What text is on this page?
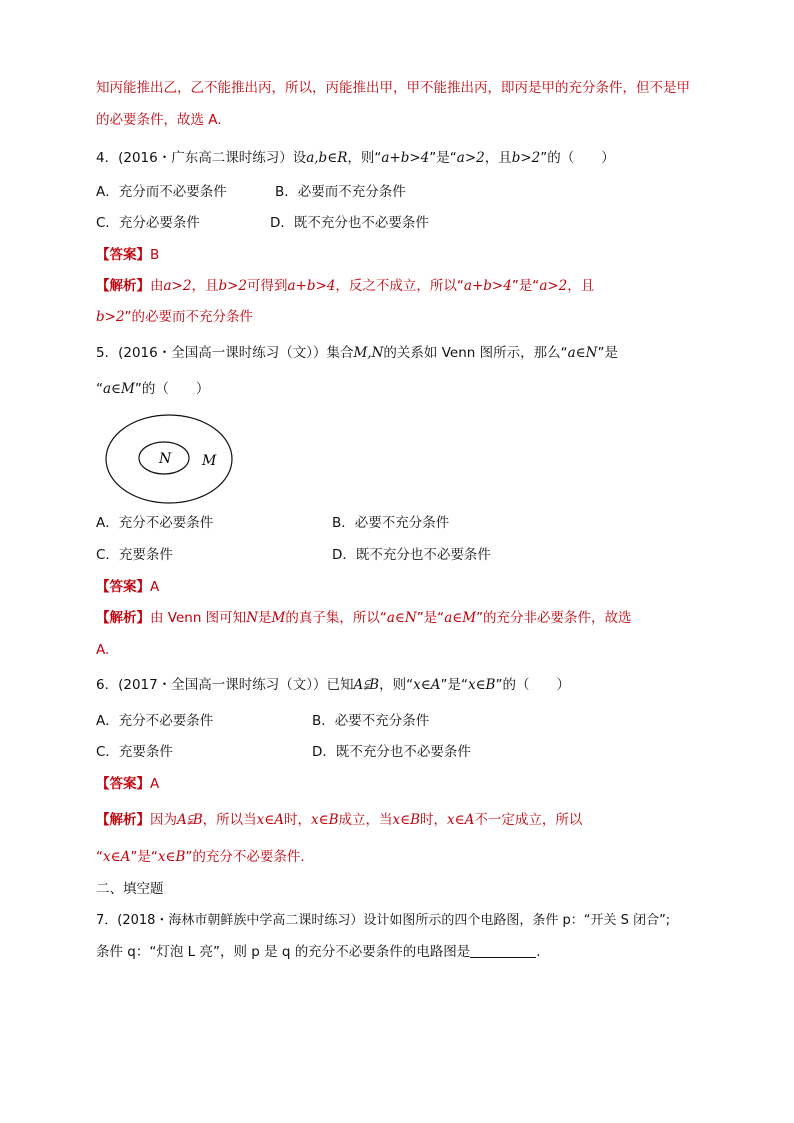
知丙能推出乙，乙不能推出丙，所以，丙能推出甲，甲不能推出丙，即丙是甲的充分条件，但不是甲
的必要条件，故选 A.
4．(2016・广东高二课时练习）设a,b∈R，则“a+b>4”是“a>2，且b>2”的（　　）
A．充分而不必要条件	B．必要而不充分条件
C．充分必要条件	D．既不充分也不必要条件
【答案】B
【解析】由a>2，且b>2可得到a+b>4，反之不成立，所以“a+b>4”是“a>2，且
b>2”的必要而不充分条件
5．(2016・全国高一课时练习（文））集合M,N的关系如 Venn 图所示，那么“a∈N”是
“a∈M”的（　　）
N M
A．充分不必要条件	B．必要不充分条件
C．充要条件	D．既不充分也不必要条件
【答案】A
【解析】由 Venn 图可知N是M的真子集，所以“a∈N”是“a∈M”的充分非必要条件，故选
A.
6．(2017・全国高一课时练习（文））已知A⫋B，则“x∈A”是“x∈B”的（　　）
A．充分不必要条件	B．必要不充分条件
C．充要条件	D．既不充分也不必要条件
【答案】A
【解析】因为A⫋B，所以当x∈A时，x∈B成立，当x∈B时，x∈A不一定成立，所以
“x∈A”是“x∈B”的充分不必要条件.
二、填空题
7．(2018・海林市朝鲜族中学高二课时练习）设计如图所示的四个电路图，条件 p：“开关 S 闭合”;
条件 q：“灯泡 L 亮”，则 p 是 q 的充分不必要条件的电路图是	.
